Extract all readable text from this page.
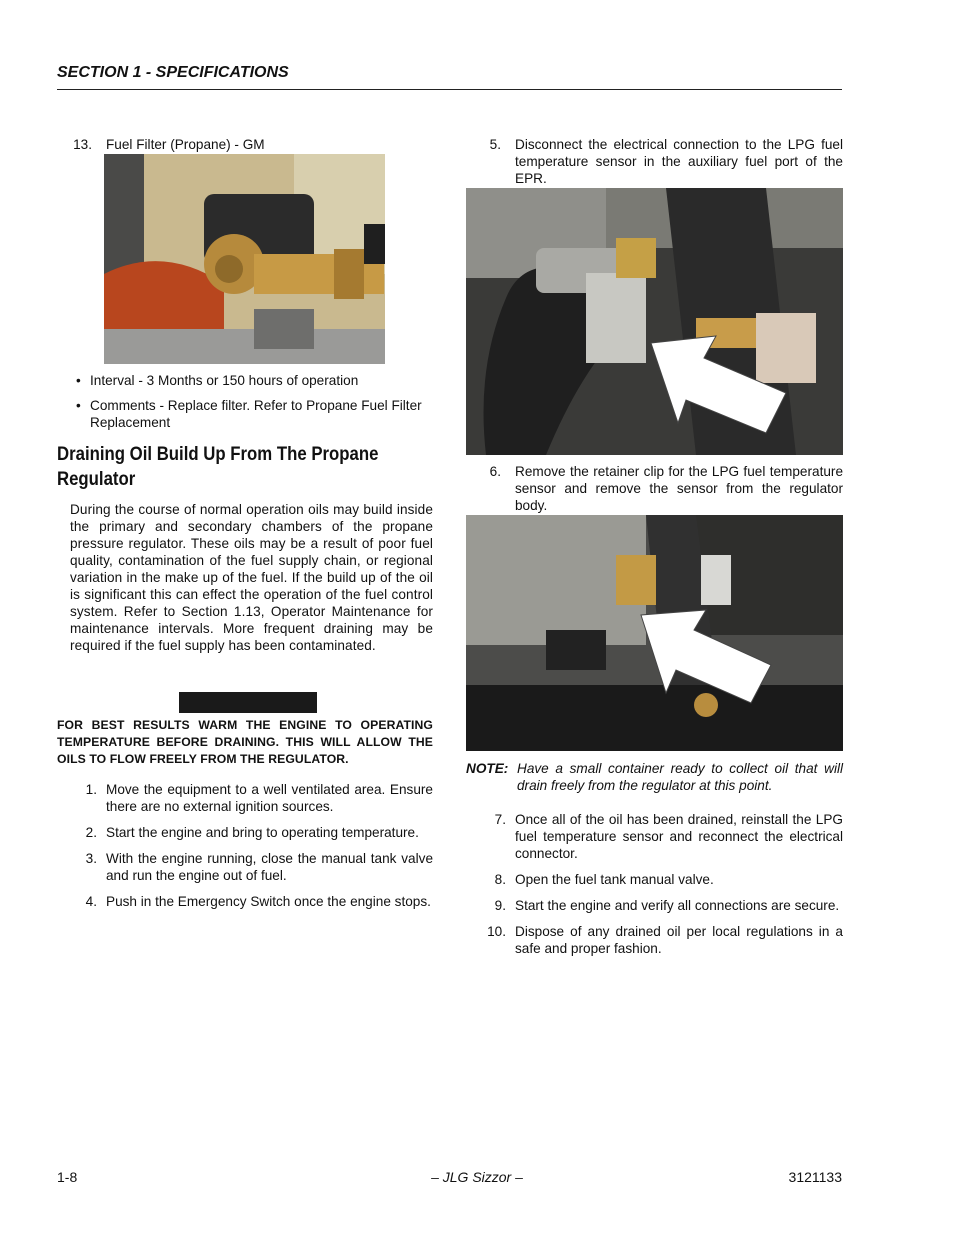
SECTION 1 - SPECIFICATIONS
13. Fuel Filter (Propane) - GM
• Interval - 3 Months or 150 hours of operation
• Comments - Replace filter. Refer to Propane Fuel Filter Replacement
Draining Oil Build Up From The Propane Regulator
During the course of normal operation oils may build inside the primary and secondary chambers of the propane pressure regulator. These oils may be a result of poor fuel quality, contamination of the fuel supply chain, or regional variation in the make up of the fuel. If the build up of the oil is significant this can effect the operation of the fuel control system. Refer to Section 1.13, Operator Maintenance for maintenance intervals. More frequent draining may be required if the fuel supply has been contaminated.
FOR BEST RESULTS WARM THE ENGINE TO OPERATING TEMPERATURE BEFORE DRAINING. THIS WILL ALLOW THE OILS TO FLOW FREELY FROM THE REGULATOR.
1. Move the equipment to a well ventilated area. Ensure there are no external ignition sources.
2. Start the engine and bring to operating temperature.
3. With the engine running, close the manual tank valve and run the engine out of fuel.
4. Push in the Emergency Switch once the engine stops.
5. Disconnect the electrical connection to the LPG fuel temperature sensor in the auxiliary fuel port of the EPR.
6. Remove the retainer clip for the LPG fuel temperature sensor and remove the sensor from the regulator body.
NOTE: Have a small container ready to collect oil that will drain freely from the regulator at this point.
7. Once all of the oil has been drained, reinstall the LPG fuel temperature sensor and reconnect the electrical connector.
8. Open the fuel tank manual valve.
9. Start the engine and verify all connections are secure.
10. Dispose of any drained oil per local regulations in a safe and proper fashion.
1-8	– JLG Sizzor –	3121133
